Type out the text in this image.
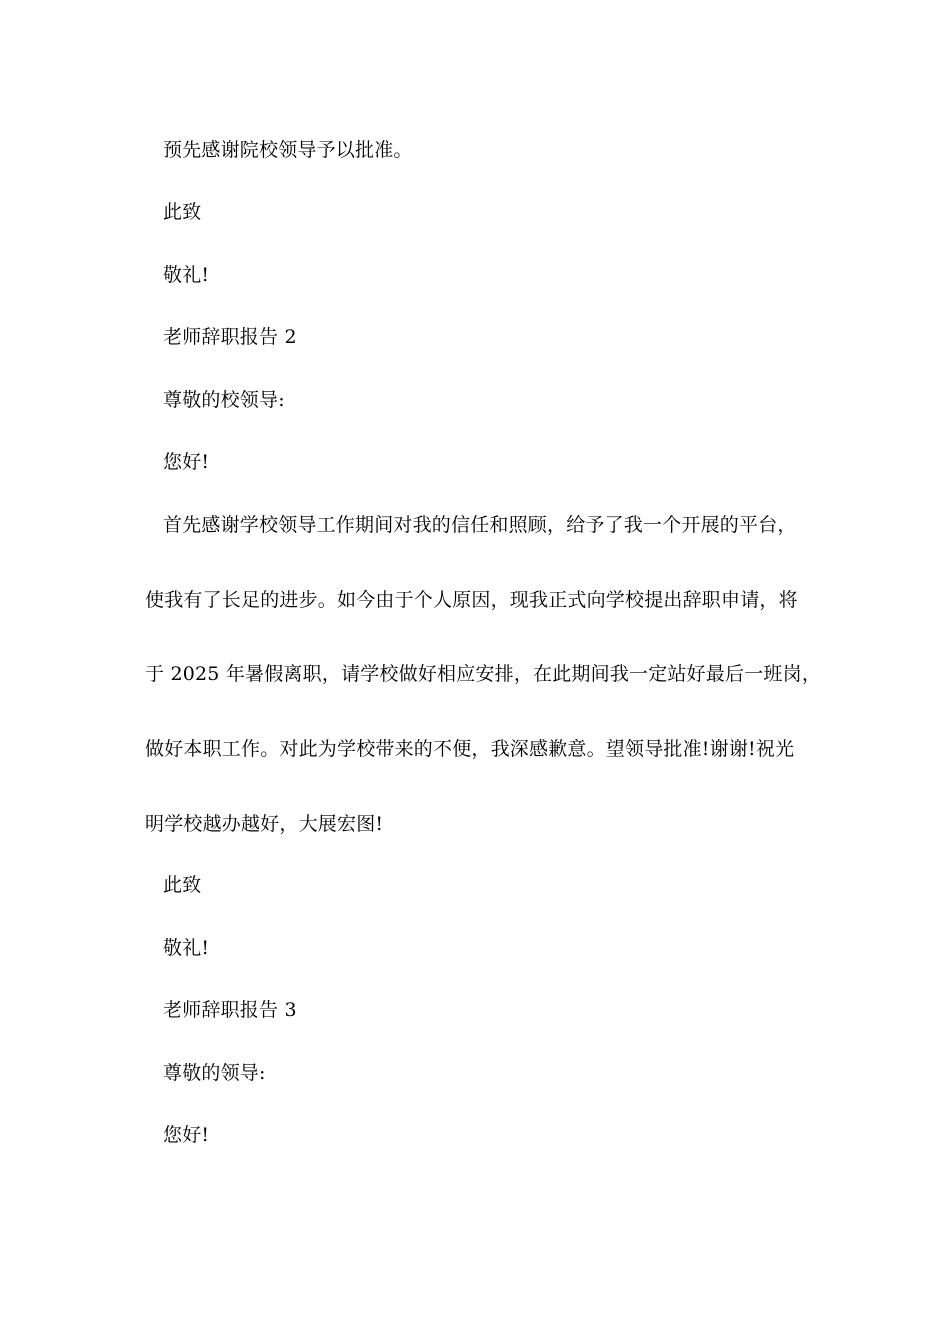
预先感谢院校领导予以批准。
此致
敬礼!
老师辞职报告 2
尊敬的校领导:
您好!
首先感谢学校领导工作期间对我的信任和照顾，给予了我一个开展的平台，
使我有了长足的进步。如今由于个人原因，现我正式向学校提出辞职申请，将
于 2025 年暑假离职，请学校做好相应安排，在此期间我一定站好最后一班岗，
做好本职工作。对此为学校带来的不便，我深感歉意。望领导批准!谢谢!祝光
明学校越办越好，大展宏图!
此致
敬礼!
老师辞职报告 3
尊敬的领导:
您好!
